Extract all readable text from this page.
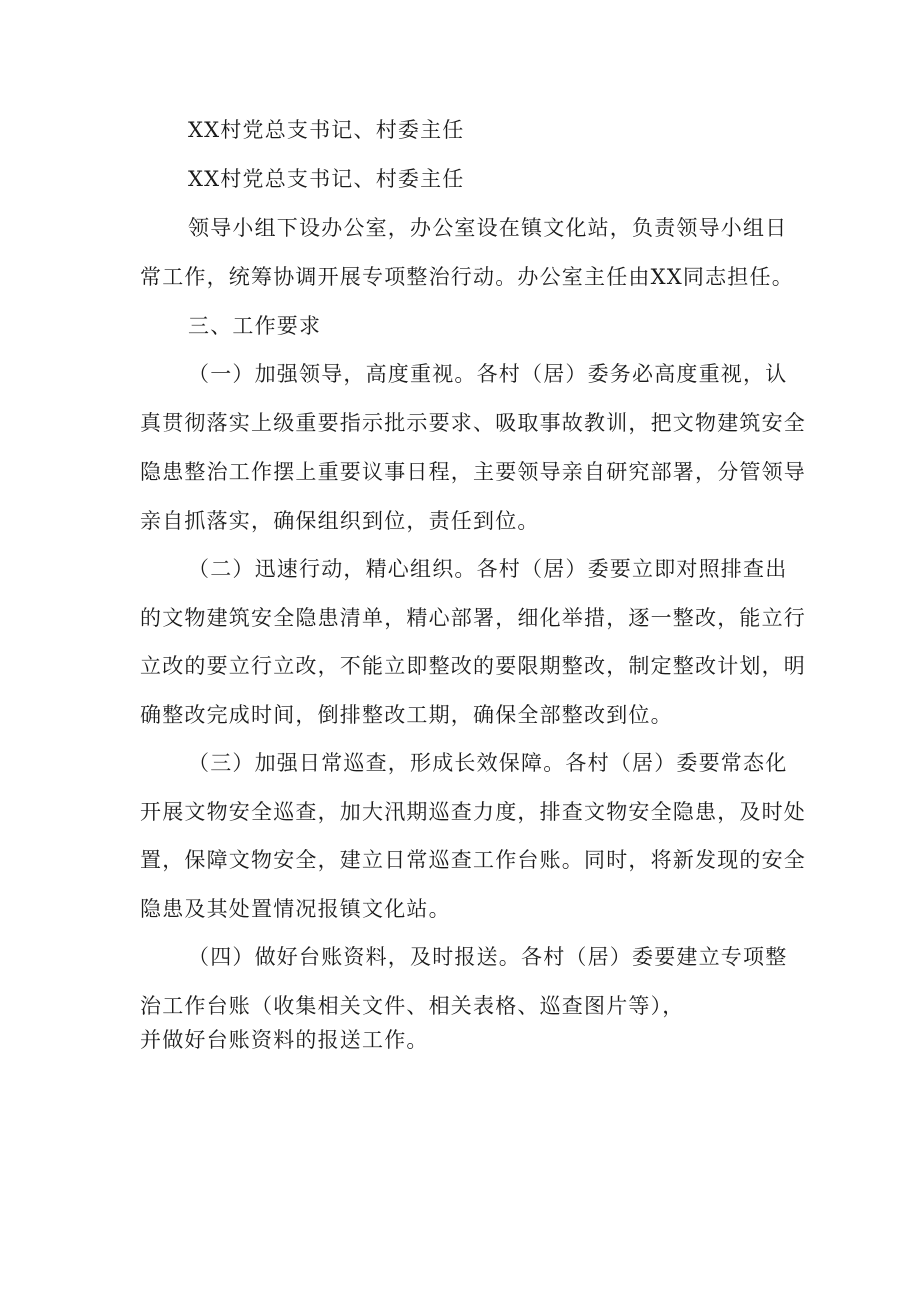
XX村党总支书记、村委主任
XX村党总支书记、村委主任
领导小组下设办公室，办公室设在镇文化站，负责领导小组日
常工作，统筹协调开展专项整治行动。办公室主任由XX同志担任。
三、工作要求
（一）加强领导，高度重视。各村（居）委务必高度重视，认
真贯彻落实上级重要指示批示要求、吸取事故教训，把文物建筑安全
隐患整治工作摆上重要议事日程，主要领导亲自研究部署，分管领导
亲自抓落实，确保组织到位，责任到位。
（二）迅速行动，精心组织。各村（居）委要立即对照排查出
的文物建筑安全隐患清单，精心部署，细化举措，逐一整改，能立行
立改的要立行立改，不能立即整改的要限期整改，制定整改计划，明
确整改完成时间，倒排整改工期，确保全部整改到位。
（三）加强日常巡查，形成长效保障。各村（居）委要常态化
开展文物安全巡查，加大汛期巡查力度，排查文物安全隐患，及时处
置，保障文物安全，建立日常巡查工作台账。同时，将新发现的安全
隐患及其处置情况报镇文化站。
（四）做好台账资料，及时报送。各村（居）委要建立专项整
治工作台账（收集相关文件、相关表格、巡查图片等），
并做好台账资料的报送工作。
